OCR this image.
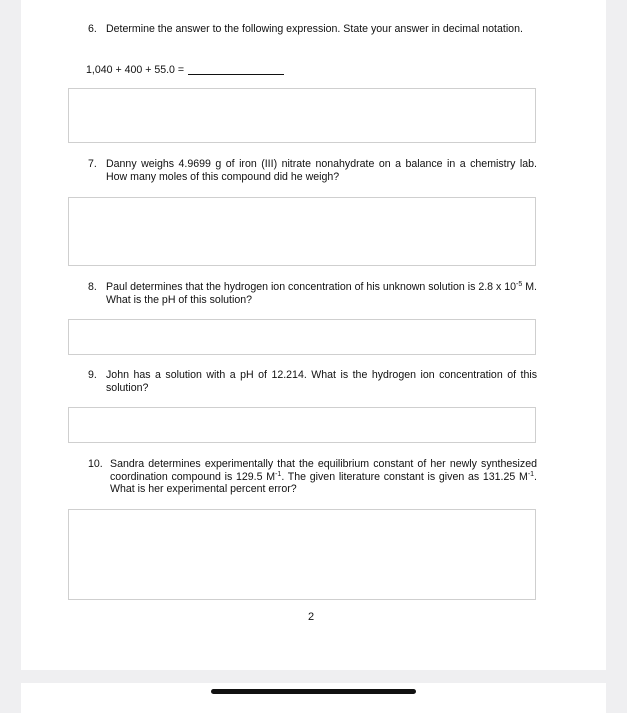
6. Determine the answer to the following expression. State your answer in decimal notation.
1,040 + 400 + 55.0 =
7. Danny weighs 4.9699 g of iron (III) nitrate nonahydrate on a balance in a chemistry lab. How many moles of this compound did he weigh?
8. Paul determines that the hydrogen ion concentration of his unknown solution is 2.8 x $10^{-5}$ M. What is the pH of this solution?
9. John has a solution with a pH of 12.214. What is the hydrogen ion concentration of this solution?
10. Sandra determines experimentally that the equilibrium constant of her newly synthesized coordination compound is 129.5 $M^{-1}$. The given literature constant is given as 131.25 $M^{-1}$. What is her experimental percent error?
2
